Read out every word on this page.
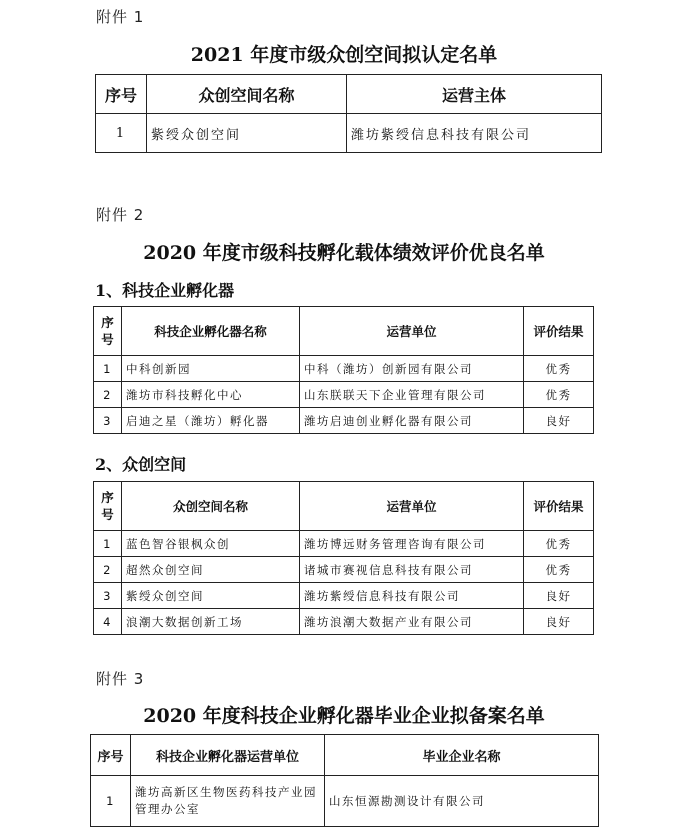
附件 1
2021 年度市级众创空间拟认定名单
序号	众创空间名称	运营主体
1	紫绶众创空间	潍坊紫绶信息科技有限公司
附件 2
2020 年度市级科技孵化载体绩效评价优良名单
1、科技企业孵化器
序号	科技企业孵化器名称	运营单位	评价结果
1	中科创新园	中科（潍坊）创新园有限公司	优秀
2	潍坊市科技孵化中心	山东朕联天下企业管理有限公司	优秀
3	启迪之星（潍坊）孵化器	潍坊启迪创业孵化器有限公司	良好
2、众创空间
序号	众创空间名称	运营单位	评价结果
1	蓝色智谷银枫众创	潍坊博远财务管理咨询有限公司	优秀
2	超然众创空间	诸城市赛视信息科技有限公司	优秀
3	紫绶众创空间	潍坊紫绶信息科技有限公司	良好
4	浪潮大数据创新工场	潍坊浪潮大数据产业有限公司	良好
附件 3
2020 年度科技企业孵化器毕业企业拟备案名单
序号	科技企业孵化器运营单位	毕业企业名称
1	潍坊高新区生物医药科技产业园管理办公室	山东恒源勘测设计有限公司
